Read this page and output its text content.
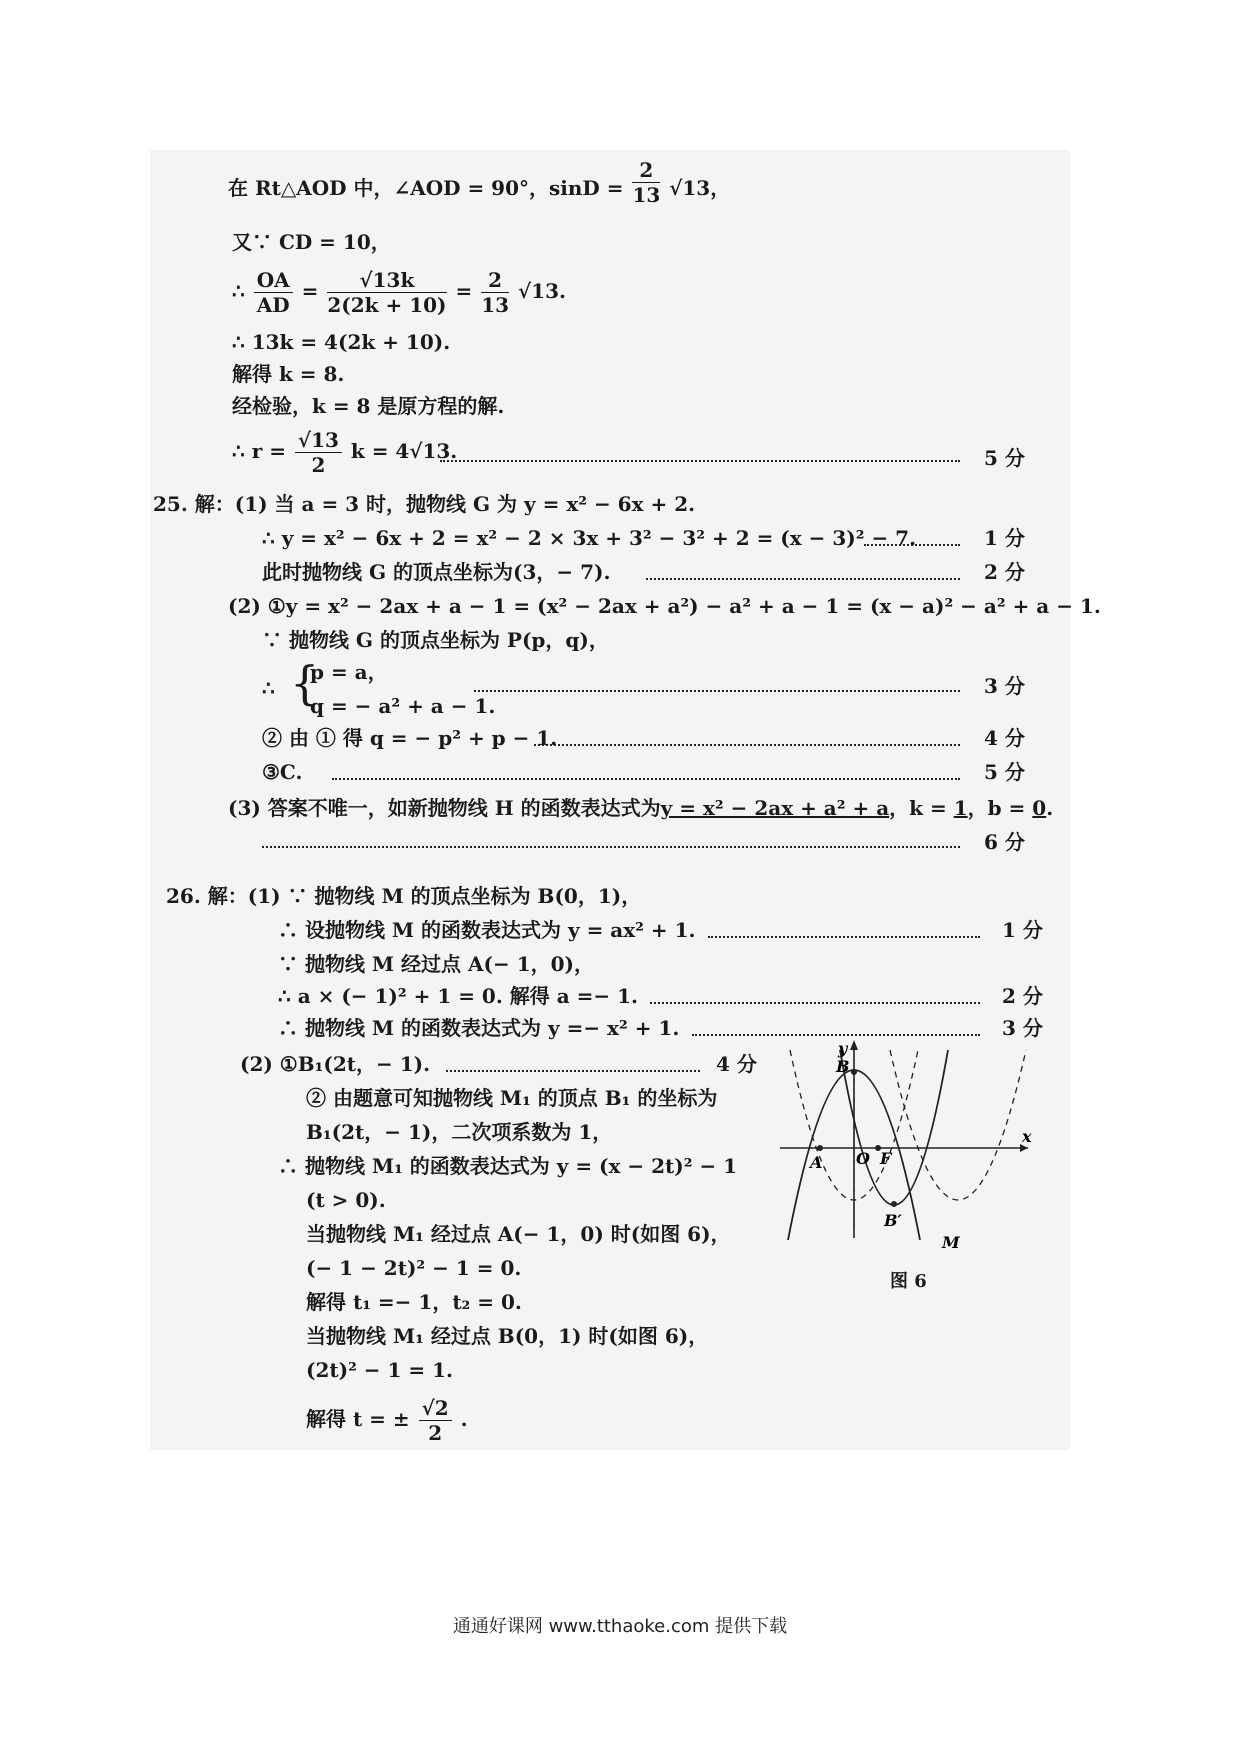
在 Rt△AOD 中，∠AOD = 90°，$\sin D = \frac{2}{13} √13$，
又∵ CD = 10，
∴ $\frac{OA}{AD} = \frac{√13k}{2(2k + 10)} = \frac{2}{13} √13$.
∴ 13k = 4(2k + 10).
解得 k = 8.
经检验，k = 8 是原方程的解.
∴ $r = \frac{√13}{2}$ k = 4√13.	5 分
25. 解：(1) 当 a = 3 时，抛物线 G 为 y = x² − 6x + 2.
∴ y = x² − 6x + 2 = x² − 2 × 3x + 3² − 3² + 2 = (x − 3)² − 7.	1 分
此时抛物线 G 的顶点坐标为(3，− 7).	2 分
(2) ①y = x² − 2ax + a − 1 = (x² − 2ax + a²) − a² + a − 1 = (x − a)² − a² + a − 1.
∵ 抛物线 G 的顶点坐标为 P(p，q)，
∴ {
p = a，
q = − a² + a − 1.
3 分
② 由 ① 得 q = − p² + p − 1.	4 分
③C.	5 分
(3) 答案不唯一，如新抛物线 H 的函数表达式为y = x² − 2ax + a² + a，k = 1，b = 0.
6 分
26. 解：(1) ∵ 抛物线 M 的顶点坐标为 B(0，1)，
∴ 设抛物线 M 的函数表达式为 y = ax² + 1.	1 分
∵ 抛物线 M 经过点 A(− 1，0)，
∴ a × (− 1)² + 1 = 0. 解得 a =− 1.	2 分
∴ 抛物线 M 的函数表达式为 y =− x² + 1.	3 分
(2) ①B₁(2t，− 1).	4 分
② 由题意可知抛物线 M₁ 的顶点 B₁ 的坐标为
B₁(2t，− 1)，二次项系数为 1，
∴ 抛物线 M₁ 的函数表达式为 y = (x − 2t)² − 1
(t > 0).
当抛物线 M₁ 经过点 A(− 1，0) 时(如图 6)，
(− 1 − 2t)² − 1 = 0.
解得 t₁ =− 1，t₂ = 0.
当抛物线 M₁ 经过点 B(0，1) 时(如图 6)，
(2t)² − 1 = 1.
解得 t = ± $\frac{√2}{2}$ .
y
x
B
A O F
B′
M
图 6
通通好课网 www.tthaoke.com 提供下载
